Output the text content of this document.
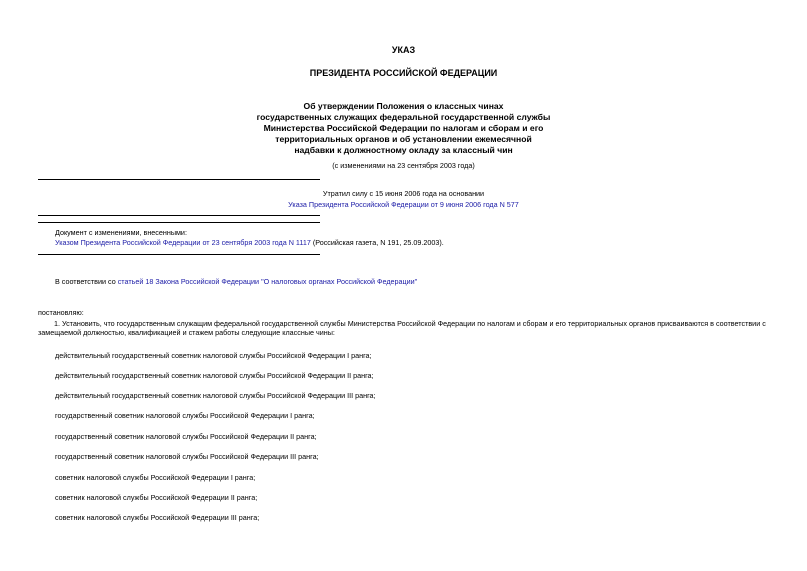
УКАЗ
ПРЕЗИДЕНТА РОССИЙСКОЙ ФЕДЕРАЦИИ
Об утверждении Положения о классных чинах
государственных служащих федеральной государственной службы
Министерства Российской Федерации по налогам и сборам и его
территориальных органов и об установлении ежемесячной
надбавки к должностному окладу за классный чин
(с изменениями на 23 сентября 2003 года)
Утратил силу с 15 июня 2006 года на основании
Указа Президента Российской Федерации от 9 июня 2006 года N 577
Документ с изменениями, внесенными:
Указом Президента Российской Федерации от 23 сентября 2003 года N 1117 (Российская газета, N 191, 25.09.2003).
В соответствии со статьей 18 Закона Российской Федерации "О налоговых органах Российской Федерации"
постановляю:
1. Установить, что государственным служащим федеральной государственной службы Министерства Российской Федерации по налогам и сборам и его территориальных органов присваиваются в соответствии с замещаемой должностью, квалификацией и стажем работы следующие классные чины:
действительный государственный советник налоговой службы Российской Федерации I ранга;
действительный государственный советник налоговой службы Российской Федерации II ранга;
действительный государственный советник налоговой службы Российской Федерации III ранга;
государственный советник налоговой службы Российской Федерации I ранга;
государственный советник налоговой службы Российской Федерации II ранга;
государственный советник налоговой службы Российской Федерации III ранга;
советник налоговой службы Российской Федерации I ранга;
советник налоговой службы Российской Федерации II ранга;
советник налоговой службы Российской Федерации III ранга;
